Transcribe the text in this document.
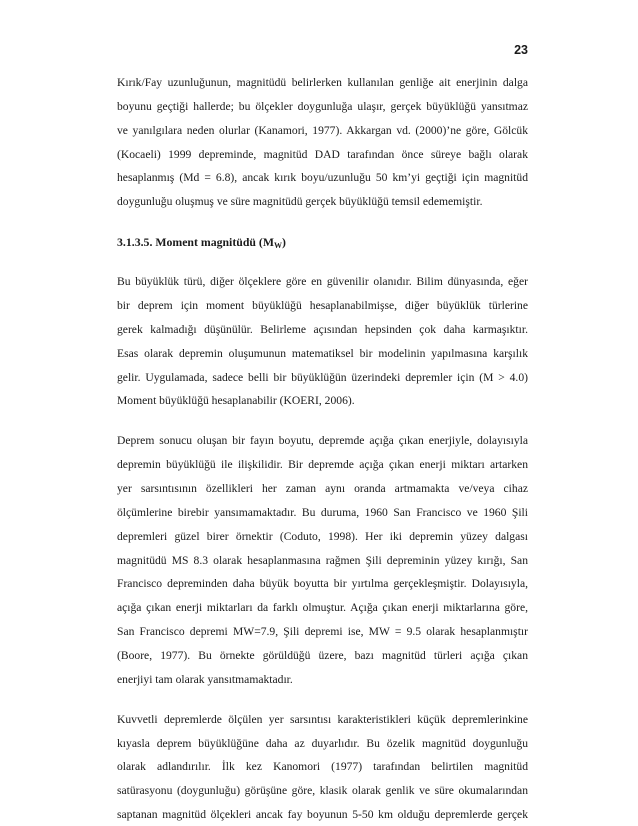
23
Kırık/Fay uzunluğunun, magnitüdü belirlerken kullanılan genliğe ait enerjinin dalga
boyunu geçtiği hallerde; bu ölçekler doygunluğa ulaşır, gerçek büyüklüğü yansıtmaz
ve yanılgılara neden olurlar (Kanamori, 1977). Akkargan vd. (2000)’ne göre, Gölcük
(Kocaeli) 1999 depreminde, magnitüd DAD tarafından önce süreye bağlı olarak
hesaplanmış (Md = 6.8), ancak kırık boyu/uzunluğu 50 km’yi geçtiği için magnitüd
doygunluğu oluşmuş ve süre magnitüdü gerçek büyüklüğü temsil edememiştir.
3.1.3.5. Moment magnitüdü $(M_W)$
Bu büyüklük türü, diğer ölçeklere göre en güvenilir olanıdır. Bilim dünyasında, eğer
bir deprem için moment büyüklüğü hesaplanabilmişse, diğer büyüklük türlerine
gerek kalmadığı düşünülür. Belirleme açısından hepsinden çok daha karmaşıktır.
Esas olarak depremin oluşumunun matematiksel bir modelinin yapılmasına karşılık
gelir. Uygulamada, sadece belli bir büyüklüğün üzerindeki depremler için (M > 4.0)
Moment büyüklüğü hesaplanabilir (KOERI, 2006).
Deprem sonucu oluşan bir fayın boyutu, depremde açığa çıkan enerjiyle, dolayısıyla
depremin büyüklüğü ile ilişkilidir. Bir depremde açığa çıkan enerji miktarı artarken
yer sarsıntısının özellikleri her zaman aynı oranda artmamakta ve/veya cihaz
ölçümlerine birebir yansımamaktadır. Bu duruma, 1960 San Francisco ve 1960 Şili
depremleri güzel birer örnektir (Coduto, 1998). Her iki depremin yüzey dalgası
magnitüdü MS 8.3 olarak hesaplanmasına rağmen Şili depreminin yüzey kırığı, San
Francisco depreminden daha büyük boyutta bir yırtılma gerçekleşmiştir. Dolayısıyla,
açığa çıkan enerji miktarları da farklı olmuştur. Açığa çıkan enerji miktarlarına göre,
San Francisco depremi MW=7.9, Şili depremi ise, MW = 9.5 olarak hesaplanmıştır
(Boore, 1977). Bu örnekte görüldüğü üzere, bazı magnitüd türleri açığa çıkan
enerjiyi tam olarak yansıtmamaktadır.
Kuvvetli depremlerde ölçülen yer sarsıntısı karakteristikleri küçük depremlerinkine
kıyasla deprem büyüklüğüne daha az duyarlıdır. Bu özelik magnitüd doygunluğu
olarak adlandırılır. İlk kez Kanomori (1977) tarafından belirtilen magnitüd
satürasyonu (doygunluğu) görüşüne göre, klasik olarak genlik ve süre okumalarından
saptanan magnitüd ölçekleri ancak fay boyunun 5-50 km olduğu depremlerde gerçek
